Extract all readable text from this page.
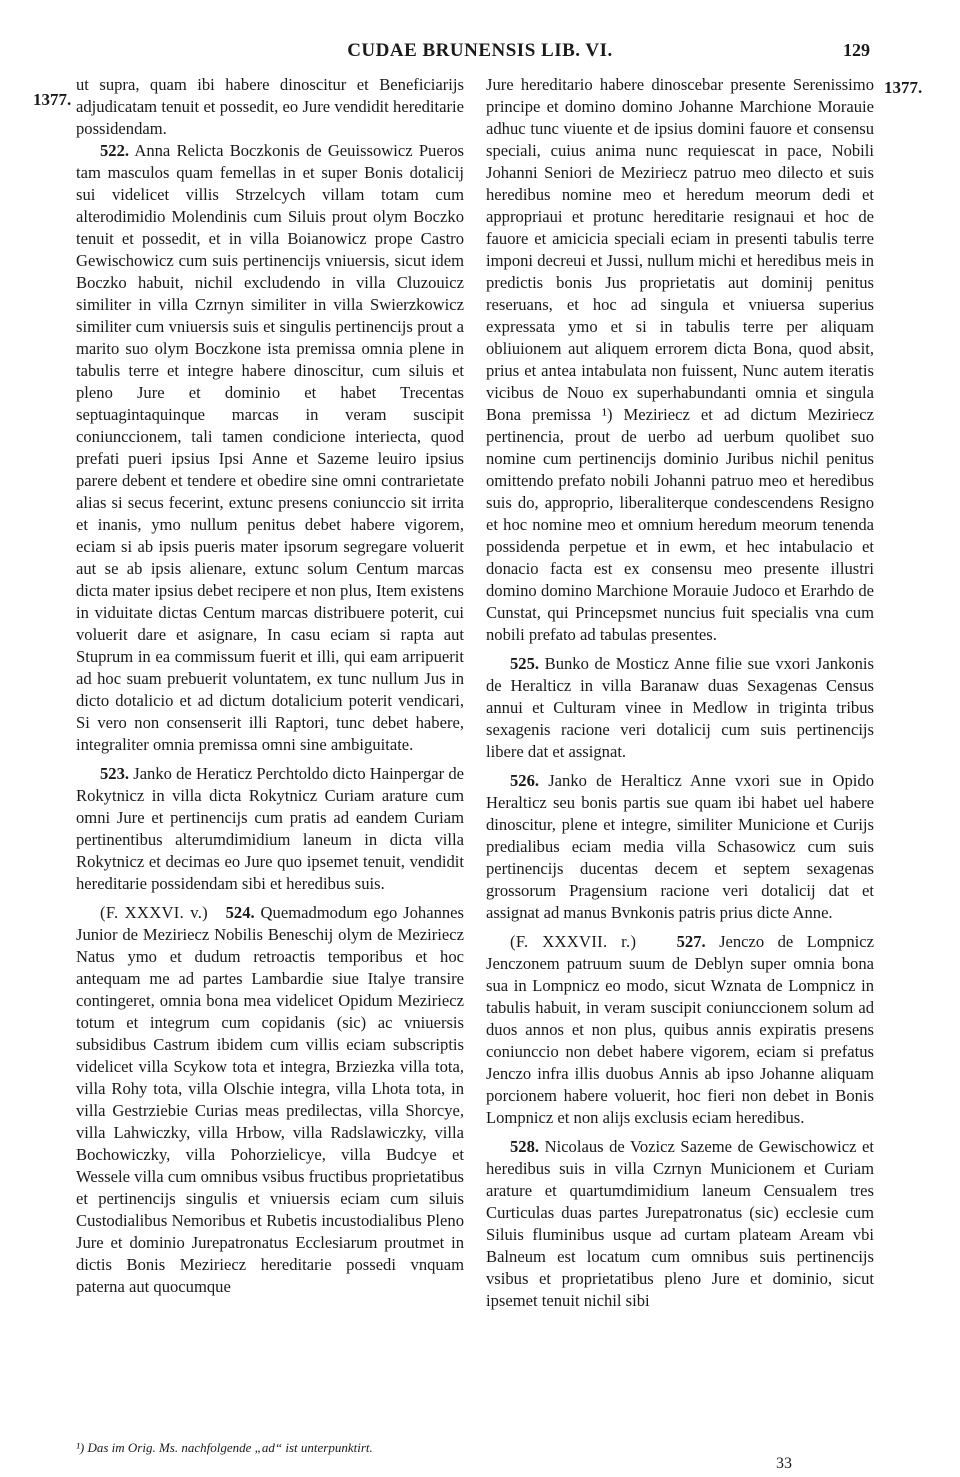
CUDAE BRUNENSIS LIB. VI.	129
1377.
1377.

ut supra, quam ibi habere dinoscitur et Beneficiarijs adjudicatam tenuit et possedit, eo Jure vendidit hereditarie possidendam.

522. Anna Relicta Boczkonis de Geuissowicz Pueros tam masculos quam femellas in et super Bonis dotalicij sui videlicet villis Strzelcych villam totam cum alterodimidio Molendinis cum Siluis prout olym Boczko tenuit et possedit, et in villa Boianowicz prope Castro Gewischowicz cum suis pertinencijs vniuersis, sicut idem Boczko habuit, nichil excludendo in villa Cluzouicz similiter in villa Czrnyn similiter in villa Swierzkowicz similiter cum vniuersis suis et singulis pertinencijs prout a marito suo olym Boczkone ista premissa omnia plene in tabulis terre et integre habere dinoscitur, cum siluis et pleno Jure et dominio et habet Trecentas septuagintaquinque marcas in veram suscipit coniunccionem, tali tamen condicione interiecta, quod prefati pueri ipsius Ipsi Anne et Sazeme leuiro ipsius parere debent et tendere et obedire sine omni contrarietate alias si secus fecerint, extunc presens coniunccio sit irrita et inanis, ymo nullum penitus debet habere vigorem, eciam si ab ipsis pueris mater ipsorum segregare voluerit aut se ab ipsis alienare, extunc solum Centum marcas dicta mater ipsius debet recipere et non plus, Item existens in viduitate dictas Centum marcas distribuere poterit, cui voluerit dare et asignare, In casu eciam si rapta aut Stuprum in ea commissum fuerit et illi, qui eam arripuerit ad hoc suam prebuerit voluntatem, ex tunc nullum Jus in dicto dotalicio et ad dictum dotalicium poterit vendicari, Si vero non consenserit illi Raptori, tunc debet habere, integraliter omnia premissa omni sine ambiguitate.

523. Janko de Heraticz Perchtoldo dicto Hainpergar de Rokytnicz in villa dicta Rokytnicz Curiam arature cum omni Jure et pertinencijs cum pratis ad eandem Curiam pertinentibus alterumdimidium laneum in dicta villa Rokytnicz et decimas eo Jure quo ipsemet tenuit, vendidit hereditarie possidendam sibi et heredibus suis.

(F. XXXVI. v.) 524. Quemadmodum ego Johannes Junior de Meziriecz Nobilis Beneschij olym de Meziriecz Natus ymo et dudum retroactis temporibus et hoc antequam me ad partes Lambardie siue Italye transire contingeret, omnia bona mea videlicet Opidum Meziriecz totum et integrum cum copidanis (sic) ac vniuersis subsidibus Castrum ibidem cum villis eciam subscriptis videlicet villa Scykow tota et integra, Brziezka villa tota, villa Rohy tota, villa Olschie integra, villa Lhota tota, in villa Gestrziebie Curias meas predilectas, villa Shorcye, villa Lahwiczky, villa Hrbow, villa Radslawiczky, villa Bochowiczky, villa Pohorzielicye, villa Budcye et Wessele villa cum omnibus vsibus fructibus proprietatibus et pertinencijs singulis et vniuersis eciam cum siluis Custodialibus Nemoribus et Rubetis incustodialibus Pleno Jure et dominio Jurepatronatus Ecclesiarum proutmet in dictis Bonis Meziriecz hereditarie possedi vnquam paterna aut quocumque

Jure hereditario habere dinoscebar presente Serenissimo principe et domino domino Johanne Marchione Morauie adhuc tunc viuente et de ipsius domini fauore et consensu speciali, cuius anima nunc requiescat in pace, Nobili Johanni Seniori de Meziriecz patruo meo dilecto et suis heredibus nomine meo et heredum meorum dedi et appropriaui et protunc hereditarie resignaui et hoc de fauore et amicicia speciali eciam in presenti tabulis terre imponi decreui et Jussi, nullum michi et heredibus meis in predictis bonis Jus proprietatis aut dominij penitus reseruans, et hoc ad singula et vniuersa superius expressata ymo et si in tabulis terre per aliquam obliuionem aut aliquem errorem dicta Bona, quod absit, prius et antea intabulata non fuissent, Nunc autem iteratis vicibus de Nouo ex superhabundanti omnia et singula Bona premissa ¹) Meziriecz et ad dictum Meziriecz pertinencia, prout de uerbo ad uerbum quolibet suo nomine cum pertinencijs dominio Juribus nichil penitus omittendo prefato nobili Johanni patruo meo et heredibus suis do, approprio, liberaliterque condescendens Resigno et hoc nomine meo et omnium heredum meorum tenenda possidenda perpetue et in ewm, et hec intabulacio et donacio facta est ex consensu meo presente illustri domino domino Marchione Morauie Judoco et Erarhdo de Cunstat, qui Princepsmet nuncius fuit specialis vna cum nobili prefato ad tabulas presentes.

525. Bunko de Mosticz Anne filie sue vxori Jankonis de Heralticz in villa Baranaw duas Sexagenas Census annui et Culturam vinee in Medlow in triginta tribus sexagenis racione veri dotalicij cum suis pertinencijs libere dat et assignat.

526. Janko de Heralticz Anne vxori sue in Opido Heralticz seu bonis partis sue quam ibi habet uel habere dinoscitur, plene et integre, similiter Municione et Curijs predialibus eciam media villa Schasowicz cum suis pertinencijs ducentas decem et septem sexagenas grossorum Pragensium racione veri dotalicij dat et assignat ad manus Bvnkonis patris prius dicte Anne.

(F. XXXVII. r.) 527. Jenczo de Lompnicz Jenczonem patruum suum de Deblyn super omnia bona sua in Lompnicz eo modo, sicut Wznata de Lompnicz in tabulis habuit, in veram suscipit coniunccionem solum ad duos annos et non plus, quibus annis expiratis presens coniunccio non debet habere vigorem, eciam si prefatus Jenczo infra illis duobus Annis ab ipso Johanne aliquam porcionem habere voluerit, hoc fieri non debet in Bonis Lompnicz et non alijs exclusis eciam heredibus.

528. Nicolaus de Vozicz Sazeme de Gewischowicz et heredibus suis in villa Czrnyn Municionem et Curiam arature et quartumdimidium laneum Censualem tres Curticulas duas partes Jurepatronatus (sic) ecclesie cum Siluis fluminibus usque ad curtam plateam Aream vbi Balneum est locatum cum omnibus suis pertinencijs vsibus et proprietatibus pleno Jure et dominio, sicut ipsemet tenuit nichil sibi

¹) Das im Orig. Ms. nachfolgende „ad“ ist unterpunktirt.
33
